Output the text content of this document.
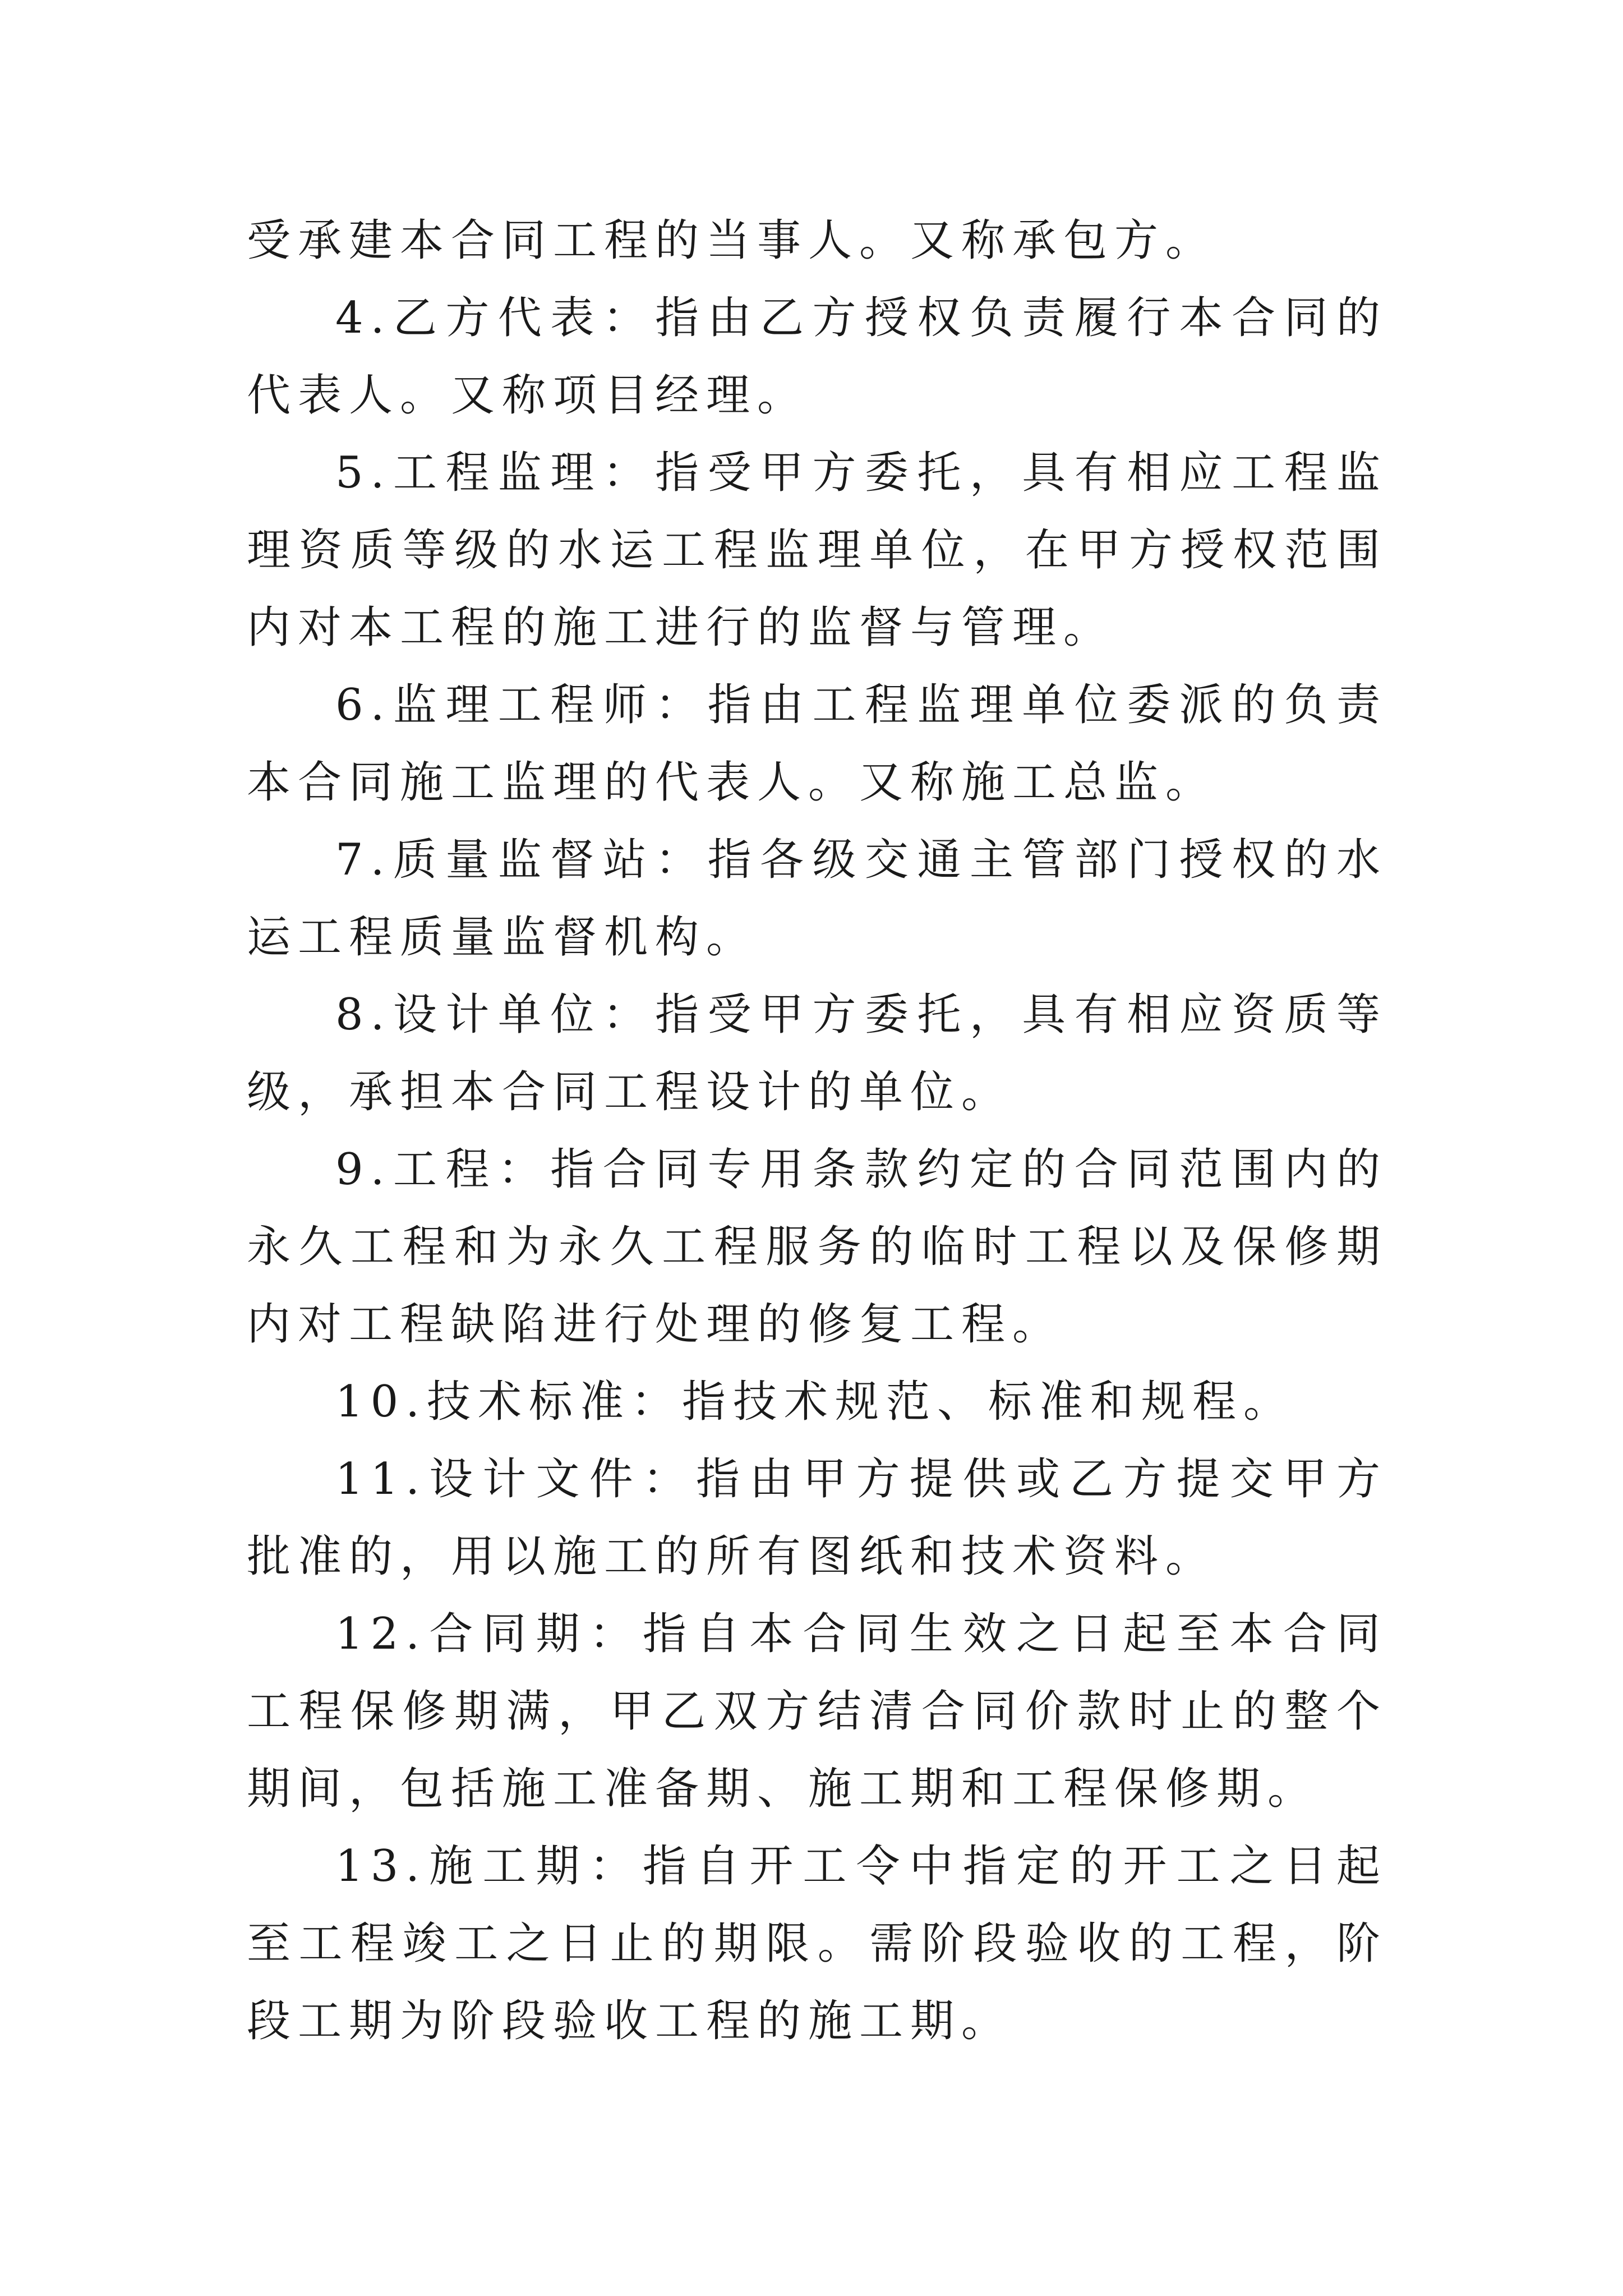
受承建本合同工程的当事人。又称承包方。

4.乙方代表：指由乙方授权负责履行本合同的代表人。又称项目经理。

5.工程监理：指受甲方委托，具有相应工程监理资质等级的水运工程监理单位，在甲方授权范围内对本工程的施工进行的监督与管理。

6.监理工程师：指由工程监理单位委派的负责本合同施工监理的代表人。又称施工总监。

7.质量监督站：指各级交通主管部门授权的水运工程质量监督机构。

8.设计单位：指受甲方委托，具有相应资质等级，承担本合同工程设计的单位。

9.工程：指合同专用条款约定的合同范围内的永久工程和为永久工程服务的临时工程以及保修期内对工程缺陷进行处理的修复工程。

10.技术标准：指技术规范、标准和规程。

11.设计文件：指由甲方提供或乙方提交甲方批准的，用以施工的所有图纸和技术资料。

12.合同期：指自本合同生效之日起至本合同工程保修期满，甲乙双方结清合同价款时止的整个期间，包括施工准备期、施工期和工程保修期。

13.施工期：指自开工令中指定的开工之日起至工程竣工之日止的期限。需阶段验收的工程，阶段工期为阶段验收工程的施工期。
